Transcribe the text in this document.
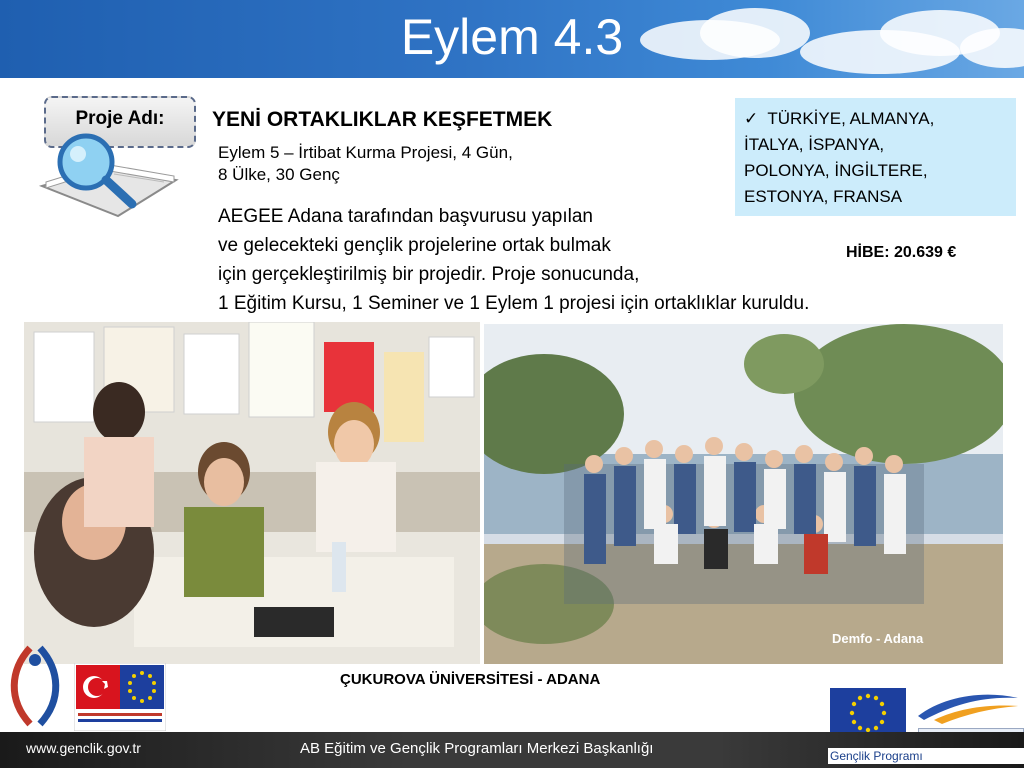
Eylem 4.3
Proje Adı:	YENİ ORTAKLIKLAR KEŞFETMEK
Eylem 5 – İrtibat Kurma Projesi, 4 Gün,
8 Ülke, 30 Genç
AEGEE Adana tarafından başvurusu yapılan
ve gelecekteki gençlik projelerine ortak bulmak
için gerçekleştirilmiş bir projedir. Proje sonucunda,
1 Eğitim Kursu, 1 Seminer ve 1 Eylem 1 projesi için ortaklıklar kuruldu.
✓ TÜRKİYE, ALMANYA,
İTALYA, İSPANYA,
POLONYA, İNGİLTERE,
ESTONYA, FRANSA
HİBE: 20.639 €
Demfo - Adana
ÇUKUROVA ÜNİVERSİTESİ - ADANA
www.genclik.gov.tr	AB Eğitim ve Gençlik Programları Merkezi Başkanlığı	Gençlik Programı
